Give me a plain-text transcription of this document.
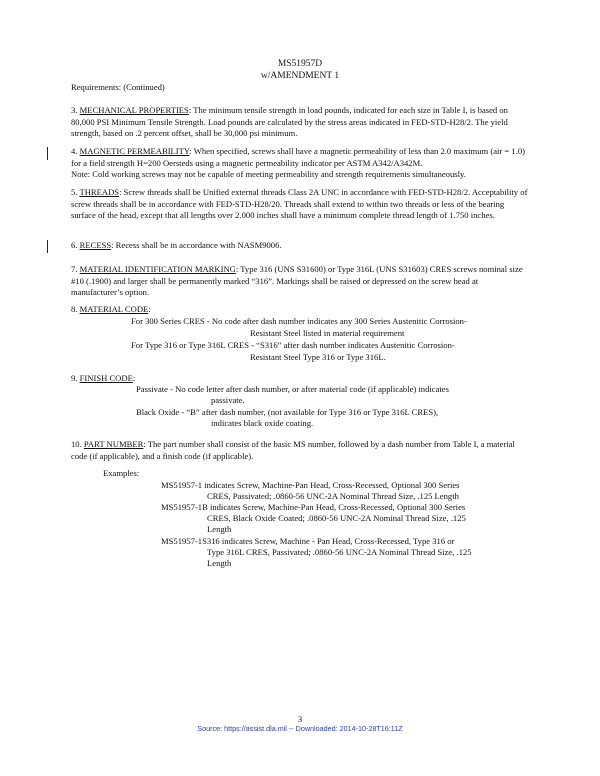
MS51957D
w/AMENDMENT 1
Requirements: (Continued)
3. MECHANICAL PROPERTIES: The minimum tensile strength in load pounds, indicated for each size in Table I, is based on 80,000 PSI Minimum Tensile Strength. Load pounds are calculated by the stress areas indicated in FED-STD-H28/2. The yield strength, based on .2 percent offset, shall be 30,000 psi minimum.
4. MAGNETIC PERMEABILITY: When specified, screws shall have a magnetic permeability of less than 2.0 maximum (air = 1.0) for a field strength H=200 Oersteds using a magnetic permeability indicator per ASTM A342/A342M.
Note: Cold working screws may not be capable of meeting permeability and strength requirements simultaneously.
5. THREADS: Screw threads shall be Unified external threads Class 2A UNC in accordance with FED-STD-H28/2. Acceptability of screw threads shall be in accordance with FED-STD-H28/20. Threads shall extend to within two threads or less of the bearing surface of the head, except that all lengths over 2.000 inches shall have a minimum complete thread length of 1.750 inches.
6. RECESS: Recess shall be in accordance with NASM9006.
7. MATERIAL IDENTIFICATION MARKING: Type 316 (UNS S31600) or Type 316L (UNS S31603) CRES screws nominal size #10 (.1900) and larger shall be permanently marked “316”. Markings shall be raised or depressed on the screw head at manufacturer’s option.
8. MATERIAL CODE:
For 300 Series CRES - No code after dash number indicates any 300 Series Austenitic Corrosion-
Resistant Steel listed in material requirement
For Type 316 or Type 316L CRES - “S316” after dash number indicates Austenitic Corrosion-
Resistant Steel Type 316 or Type 316L.
9. FINISH CODE:
Passivate - No code letter after dash number, or after material code (if applicable) indicates
passivate.
Black Oxide - “B” after dash number, (not available for Type 316 or Type 316L CRES),
indicates black oxide coating.
10. PART NUMBER: The part number shall consist of the basic MS number, followed by a dash number from Table I, a material code (if applicable), and a finish code (if applicable).
Examples:
MS51957-1 indicates Screw, Machine-Pan Head, Cross-Recessed, Optional 300 Series
CRES, Passivated; .0860-56 UNC-2A Nominal Thread Size, .125 Length
MS51957-1B indicates Screw, Machine-Pan Head, Cross-Recessed, Optional 300 Series
CRES, Black Oxide Coated; .0860-56 UNC-2A Nominal Thread Size, .125
Length
MS51957-1S316 indicates Screw, Machine - Pan Head, Cross-Recessed, Type 316 or
Type 316L CRES, Passivated; .0860-56 UNC-2A Nominal Thread Size, .125
Length
3
Source: https://assist.dla.mil -- Downloaded: 2014-10-28T16:11Z
